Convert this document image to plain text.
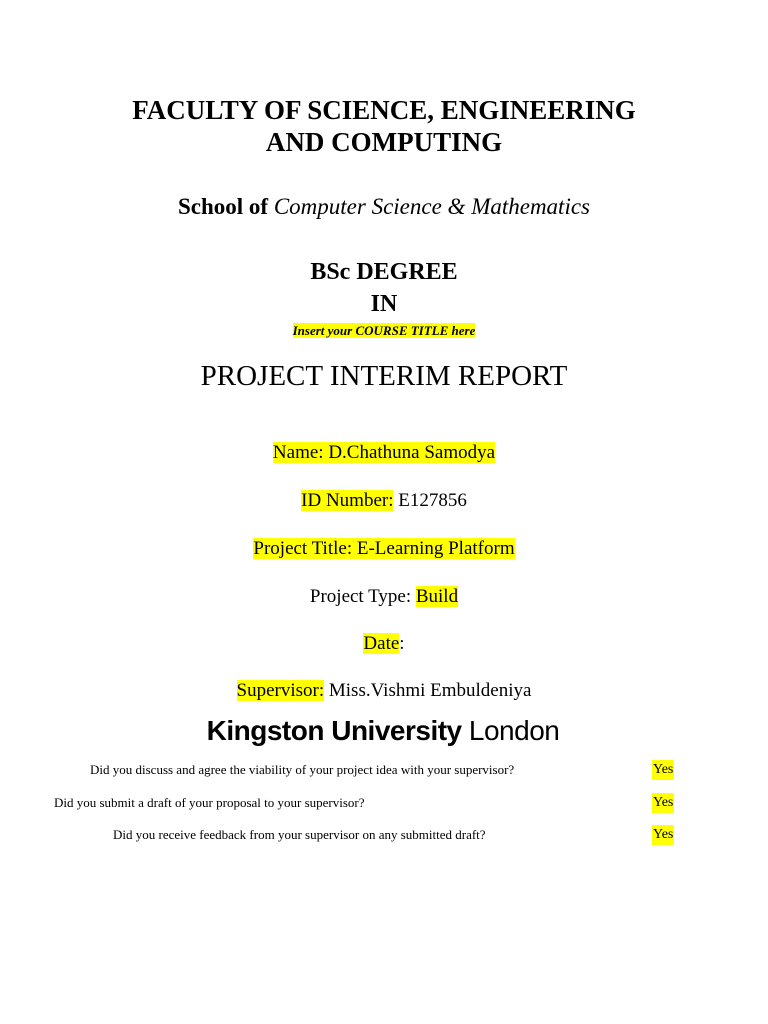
FACULTY OF SCIENCE, ENGINEERING
AND COMPUTING
School of Computer Science & Mathematics
BSc DEGREE
IN
Insert your COURSE TITLE here
PROJECT INTERIM REPORT
Name: D.Chathuna Samodya
ID Number: E127856
Project Title: E-Learning Platform
Project Type: Build
Date:
Supervisor: Miss.Vishmi Embuldeniya
Kingston University London
Did you discuss and agree the viability of your project idea with your supervisor?	Yes
Did you submit a draft of your proposal to your supervisor?	Yes
Did you receive feedback from your supervisor on any submitted draft?	Yes
